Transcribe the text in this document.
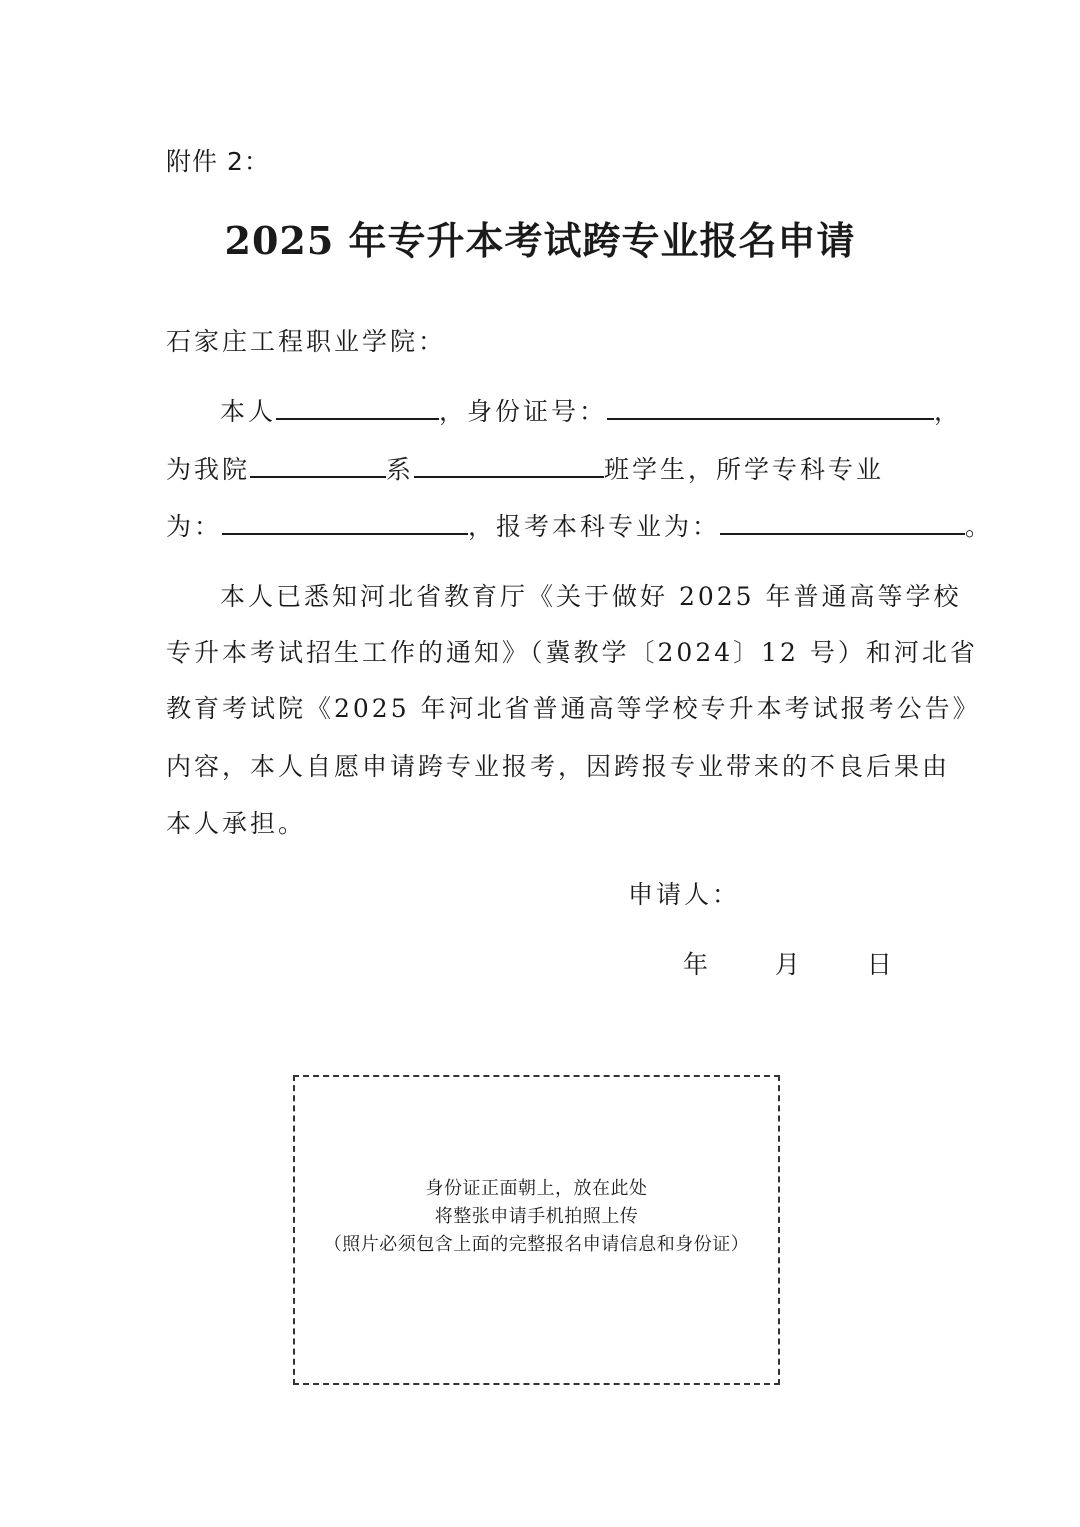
附件 2：
2025 年专升本考试跨专业报名申请
石家庄工程职业学院：
本人	，身份证号：	，
为我院	系	班学生，所学专科专业
为：	，报考本科专业为：	。
本人已悉知河北省教育厅《关于做好 2025 年普通高等学校
专升本考试招生工作的通知》（冀教学〔2024〕12 号）和河北省
教育考试院《2025 年河北省普通高等学校专升本考试报考公告》
内容，本人自愿申请跨专业报考，因跨报专业带来的不良后果由
本人承担。
申请人：
年	月	日
身份证正面朝上，放在此处
将整张申请手机拍照上传
（照片必须包含上面的完整报名申请信息和身份证）
